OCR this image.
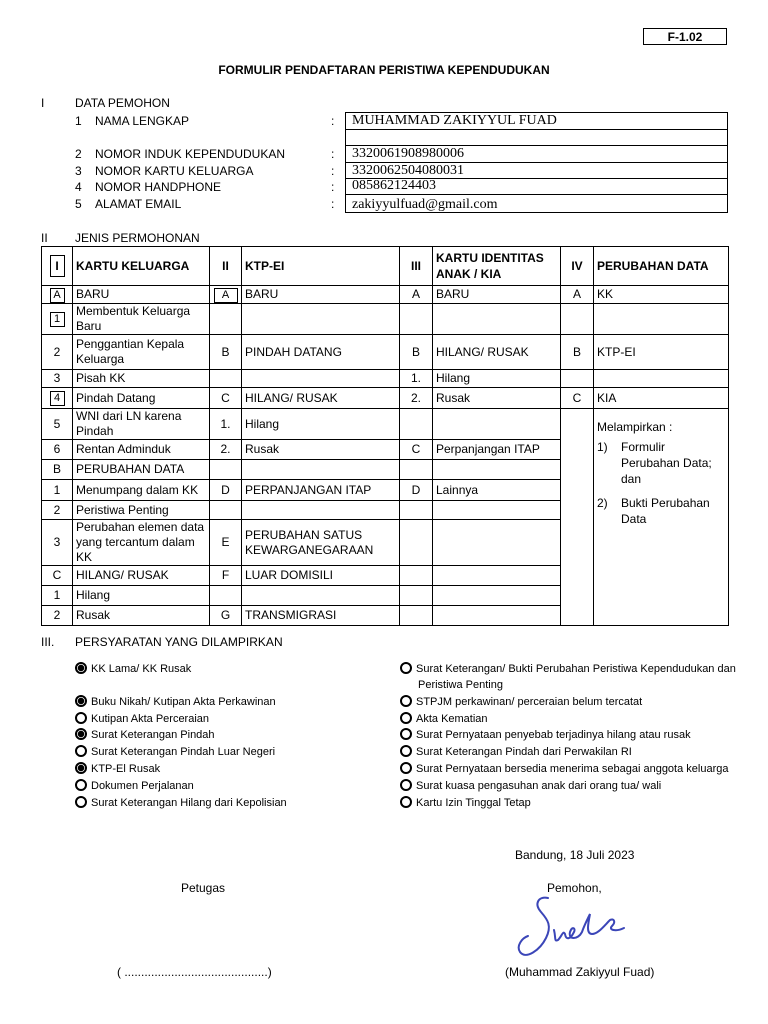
F-1.02
FORMULIR PENDAFTARAN PERISTIWA KEPENDUDUKAN
I	DATA PEMOHON
1 NAMA LENGKAP	:	MUHAMMAD ZAKIYYUL FUAD
2 NOMOR INDUK KEPENDUDUKAN	:	3320061908980006
3 NOMOR KARTU KELUARGA	:	3320062504080031
4 NOMOR HANDPHONE	:	085862124403
5 ALAMAT EMAIL	:	zakiyyulfuad@gmail.com
II JENIS PERMOHONAN
I	KARTU KELUARGA	II	KTP-EI	III	KARTU IDENTITAS ANAK / KIA	IV	PERUBAHAN DATA
A	BARU	A	BARU	A	BARU	A	KK
1	Membentuk Keluarga Baru						
2	Penggantian Kepala Keluarga	B	PINDAH DATANG	B	HILANG/ RUSAK	B	KTP-EI
3	Pisah KK			1.	Hilang		
4	Pindah Datang	C	HILANG/ RUSAK	2.	Rusak	C	KIA
5	WNI dari LN karena Pindah	1.	Hilang				Melampirkan :
1) Formulir Perubahan Data; dan
2) Bukti Perubahan Data

6	Rentan Adminduk	2.	Rusak	C	Perpanjangan ITAP		
B	PERUBAHAN DATA						
1	Menumpang dalam KK	D	PERPANJANGAN ITAP	D	Lainnya		
2	Peristiwa Penting						
3	Perubahan elemen data yang tercantum dalam KK	E	PERUBAHAN SATUS KEWARGANEGARAAN				
C	HILANG/ RUSAK	F	LUAR DOMISILI				
1	Hilang						
2	Rusak	G	TRANSMIGRASI				
III. PERSYARATAN YANG DILAMPIRKAN
KK Lama/ KK Rusak
Buku Nikah/ Kutipan Akta Perkawinan
Kutipan Akta Perceraian
Surat Keterangan Pindah
Surat Keterangan Pindah Luar Negeri
KTP-El Rusak
Dokumen Perjalanan
Surat Keterangan Hilang dari Kepolisian
Surat Keterangan/ Bukti Perubahan Peristiwa Kependudukan dan
Peristiwa Penting
STPJM perkawinan/ perceraian belum tercatat
Akta Kematian
Surat Pernyataan penyebab terjadinya hilang atau rusak
Surat Keterangan Pindah dari Perwakilan RI
Surat Pernyataan bersedia menerima sebagai anggota keluarga
Surat kuasa pengasuhan anak dari orang tua/ wali
Kartu Izin Tinggal Tetap
Bandung, 18 Juli 2023
Petugas	Pemohon,
( ...........................................)	(Muhammad Zakiyyul Fuad)
